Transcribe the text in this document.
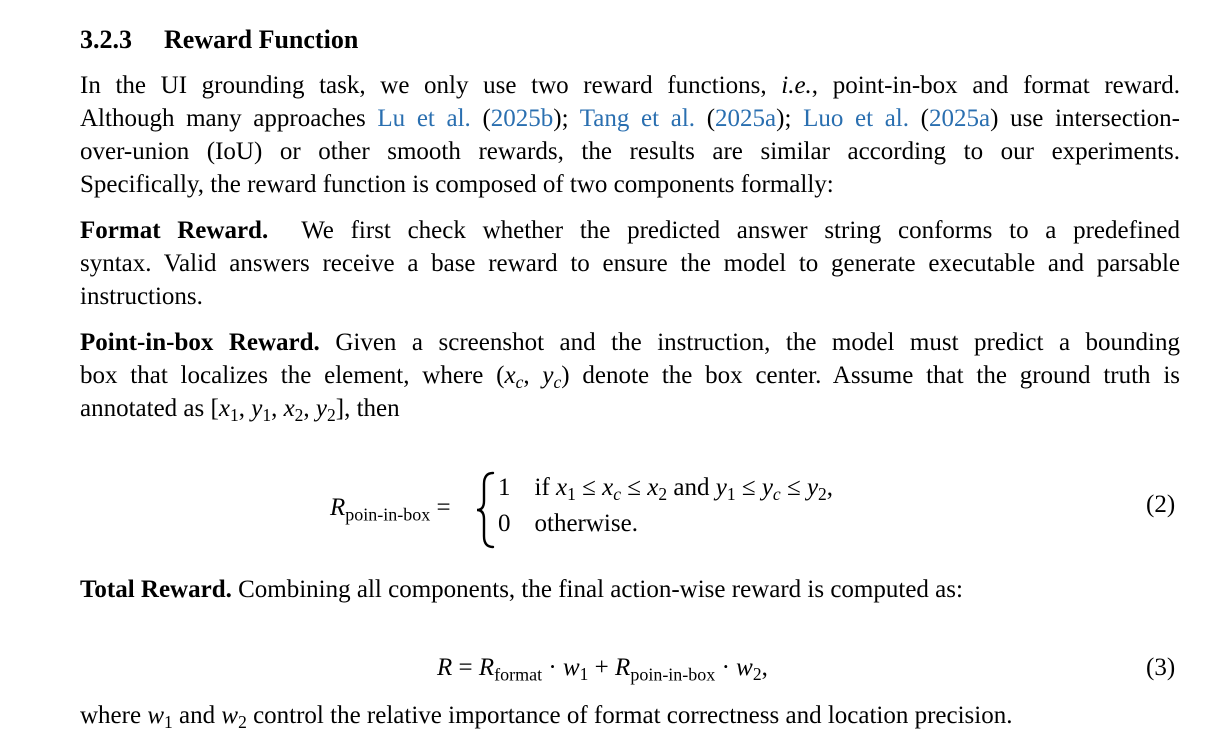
3.2.3 Reward Function
In the UI grounding task, we only use two reward functions, i.e., point-in-box and format reward.
Although many approaches Lu et al. (2025b); Tang et al. (2025a); Luo et al. (2025a) use intersection-
over-union (IoU) or other smooth rewards, the results are similar according to our experiments.
Specifically, the reward function is composed of two components formally:
Format Reward. We first check whether the predicted answer string conforms to a predefined
syntax. Valid answers receive a base reward to ensure the model to generate executable and parsable
instructions.
Point-in-box Reward. Given a screenshot and the instruction, the model must predict a bounding
box that localizes the element, where ($x_c$, $y_c$) denote the box center. Assume that the ground truth is
annotated as [$x_1$, $y_1$, $x_2$, $y_2$], then
$R_{poin-in-box}$ =
1 if $x_1 \le x_c \le x_2$ and $y_1 \le y_c \le y_2$,
0 otherwise.
(2)
Total Reward. Combining all components, the final action-wise reward is computed as:
$R = R_{format} \cdot w_1 + R_{poin-in-box} \cdot w_2$,	(3)
where $w_1$ and $w_2$ control the relative importance of format correctness and location precision.
